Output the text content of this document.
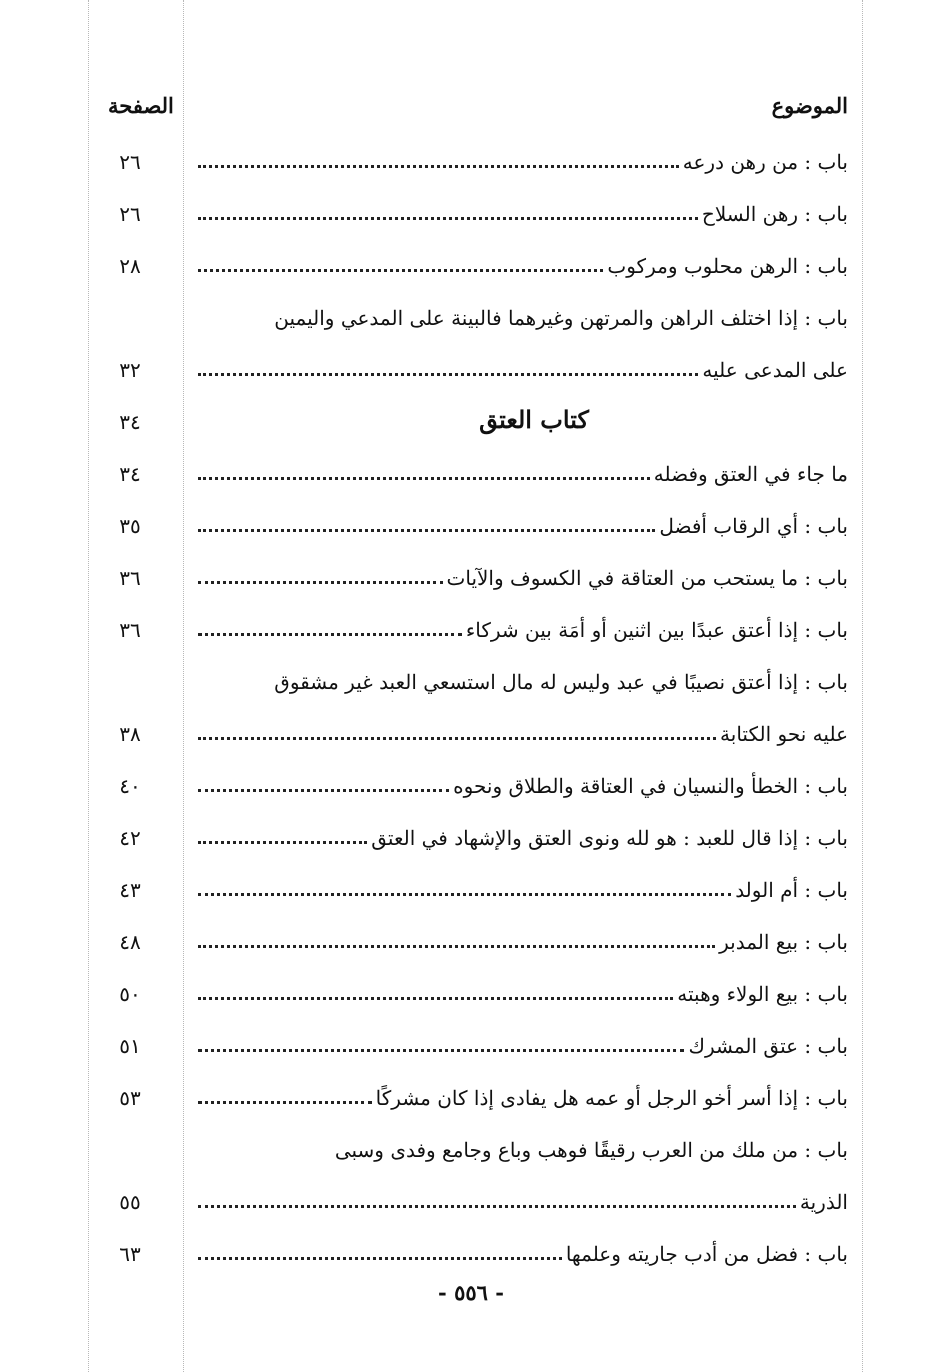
الموضوع
الصفحة
باب : من رهن درعه
٢٦
باب : رهن السلاح
٢٦
باب : الرهن محلوب ومركوب
٢٨
باب : إذا اختلف الراهن والمرتهن وغيرهما فالبينة على المدعي واليمين
على المدعى عليه
٣٢
كتاب العتق
٣٤
ما جاء في العتق وفضله
٣٤
باب : أي الرقاب أفضل
٣٥
باب : ما يستحب من العتاقة في الكسوف والآيات
٣٦
باب : إذا أعتق عبدًا بين اثنين أو أمَة بين شركاء
٣٦
باب : إذا أعتق نصيبًا في عبد وليس له مال استسعي العبد غير مشقوق
عليه نحو الكتابة
٣٨
باب : الخطأ والنسيان في العتاقة والطلاق ونحوه
٤٠
باب : إذا قال للعبد : هو لله ونوى العتق والإشهاد في العتق
٤٢
باب : أم الولد
٤٣
باب : بيع المدبر
٤٨
باب : بيع الولاء وهبته
٥٠
باب : عتق المشرك
٥١
باب : إذا أسر أخو الرجل أو عمه هل يفادى إذا كان مشركًا
٥٣
باب : من ملك من العرب رقيقًا فوهب وباع وجامع وفدى وسبى
الذرية
٥٥
باب : فضل من أدب جاريته وعلمها
٦٣
- ٥٥٦ -
